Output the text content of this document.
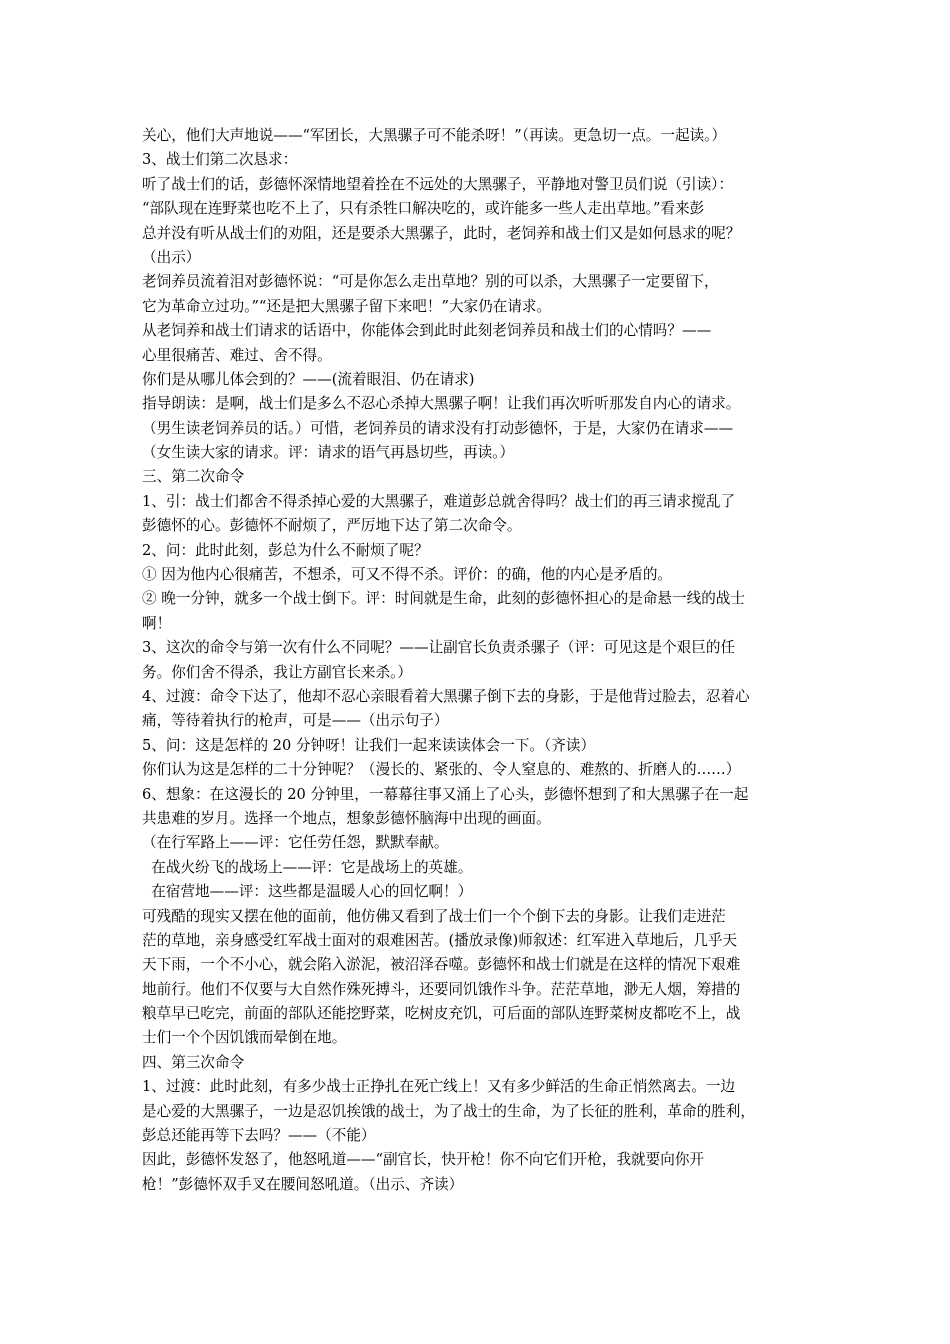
关心，他们大声地说——“军团长，大黑骡子可不能杀呀！”（再读。更急切一点。一起读。）
3、战士们第二次恳求：
听了战士们的话，彭德怀深情地望着拴在不远处的大黑骡子，平静地对警卫员们说（引读）：
“部队现在连野菜也吃不上了，只有杀牲口解决吃的，或许能多一些人走出草地。”看来彭
总并没有听从战士们的劝阻，还是要杀大黑骡子，此时，老饲养和战士们又是如何恳求的呢？
（出示）
老饲养员流着泪对彭德怀说：“可是你怎么走出草地？别的可以杀，大黑骡子一定要留下，
它为革命立过功。”“还是把大黑骡子留下来吧！”大家仍在请求。
从老饲养和战士们请求的话语中，你能体会到此时此刻老饲养员和战士们的心情吗？——
心里很痛苦、难过、舍不得。
你们是从哪儿体会到的？——(流着眼泪、仍在请求)
指导朗读：是啊，战士们是多么不忍心杀掉大黑骡子啊！让我们再次听听那发自内心的请求。
（男生读老饲养员的话。）可惜，老饲养员的请求没有打动彭德怀，于是，大家仍在请求——
（女生读大家的请求。评：请求的语气再恳切些，再读。）
三、第二次命令
1、引：战士们都舍不得杀掉心爱的大黑骡子，难道彭总就舍得吗？战士们的再三请求搅乱了
彭德怀的心。彭德怀不耐烦了，严厉地下达了第二次命令。
2、问：此时此刻，彭总为什么不耐烦了呢？
① 因为他内心很痛苦，不想杀，可又不得不杀。评价：的确，他的内心是矛盾的。
② 晚一分钟，就多一个战士倒下。评：时间就是生命，此刻的彭德怀担心的是命悬一线的战士
啊！
3、这次的命令与第一次有什么不同呢？——让副官长负责杀骡子（评：可见这是个艰巨的任
务。你们舍不得杀，我让方副官长来杀。）
4、过渡：命令下达了，他却不忍心亲眼看着大黑骡子倒下去的身影，于是他背过脸去，忍着心
痛，等待着执行的枪声，可是——（出示句子）
5、问：这是怎样的 20 分钟呀！让我们一起来读读体会一下。（齐读）
你们认为这是怎样的二十分钟呢？（漫长的、紧张的、令人窒息的、难熬的、折磨人的……）
6、想象：在这漫长的 20 分钟里，一幕幕往事又涌上了心头，彭德怀想到了和大黑骡子在一起
共患难的岁月。选择一个地点，想象彭德怀脑海中出现的画面。
（在行军路上——评：它任劳任怨，默默奉献。
在战火纷飞的战场上——评：它是战场上的英雄。
在宿营地——评：这些都是温暖人心的回忆啊！）
可残酷的现实又摆在他的面前，他仿佛又看到了战士们一个个倒下去的身影。让我们走进茫
茫的草地，亲身感受红军战士面对的艰难困苦。(播放录像)师叙述：红军进入草地后，几乎天
天下雨，一个不小心，就会陷入淤泥，被沼泽吞噬。彭德怀和战士们就是在这样的情况下艰难
地前行。他们不仅要与大自然作殊死搏斗，还要同饥饿作斗争。茫茫草地，渺无人烟，筹措的
粮草早已吃完，前面的部队还能挖野菜，吃树皮充饥，可后面的部队连野菜树皮都吃不上，战
士们一个个因饥饿而晕倒在地。
四、第三次命令
1、过渡：此时此刻，有多少战士正挣扎在死亡线上！又有多少鲜活的生命正悄然离去。一边
是心爱的大黑骡子，一边是忍饥挨饿的战士，为了战士的生命，为了长征的胜利，革命的胜利，
彭总还能再等下去吗？——（不能）
因此，彭德怀发怒了，他怒吼道——“副官长，快开枪！你不向它们开枪，我就要向你开
枪！”彭德怀双手叉在腰间怒吼道。（出示、齐读）
